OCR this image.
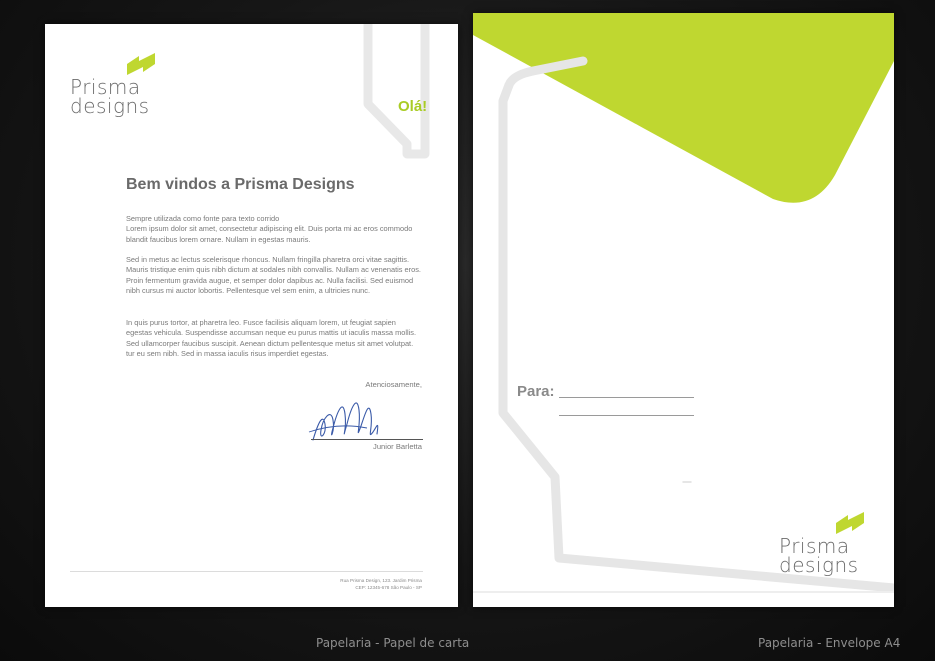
Prisma
designs	Olá!
Bem vindos a Prisma Designs

Sempre utilizada como fonte para texto corrido
Lorem ipsum dolor sit amet, consectetur adipiscing elit. Duis porta mi ac eros commodo blandit faucibus lorem ornare. Nullam in egestas mauris.

Sed in metus ac lectus scelerisque rhoncus. Nullam fringilla pharetra orci vitae sagittis. Mauris tristique enim quis nibh dictum at sodales nibh convallis. Nullam ac venenatis eros. Proin fermentum gravida augue, et semper dolor dapibus ac. Nulla facilisi. Sed euismod nibh cursus mi auctor lobortis. Pellentesque vel sem enim, a ultricies nunc.

In quis purus tortor, at pharetra leo. Fusce facilisis aliquam lorem, ut feugiat sapien egestas vehicula. Suspendisse accumsan neque eu purus mattis ut iaculis massa mollis. Sed ullamcorper faucibus suscipit. Aenean dictum pellentesque metus sit amet volutpat. tur eu sem nibh. Sed in massa iaculis risus imperdiet egestas.

Atenciosamente,
Junior Barletta
Rua Prisma Design, 123. Jardim Prisma
CEP: 12345-678 São Paulo - SP
Para:
Prisma
designs
Papelaria - Papel de carta	Papelaria - Envelope A4
